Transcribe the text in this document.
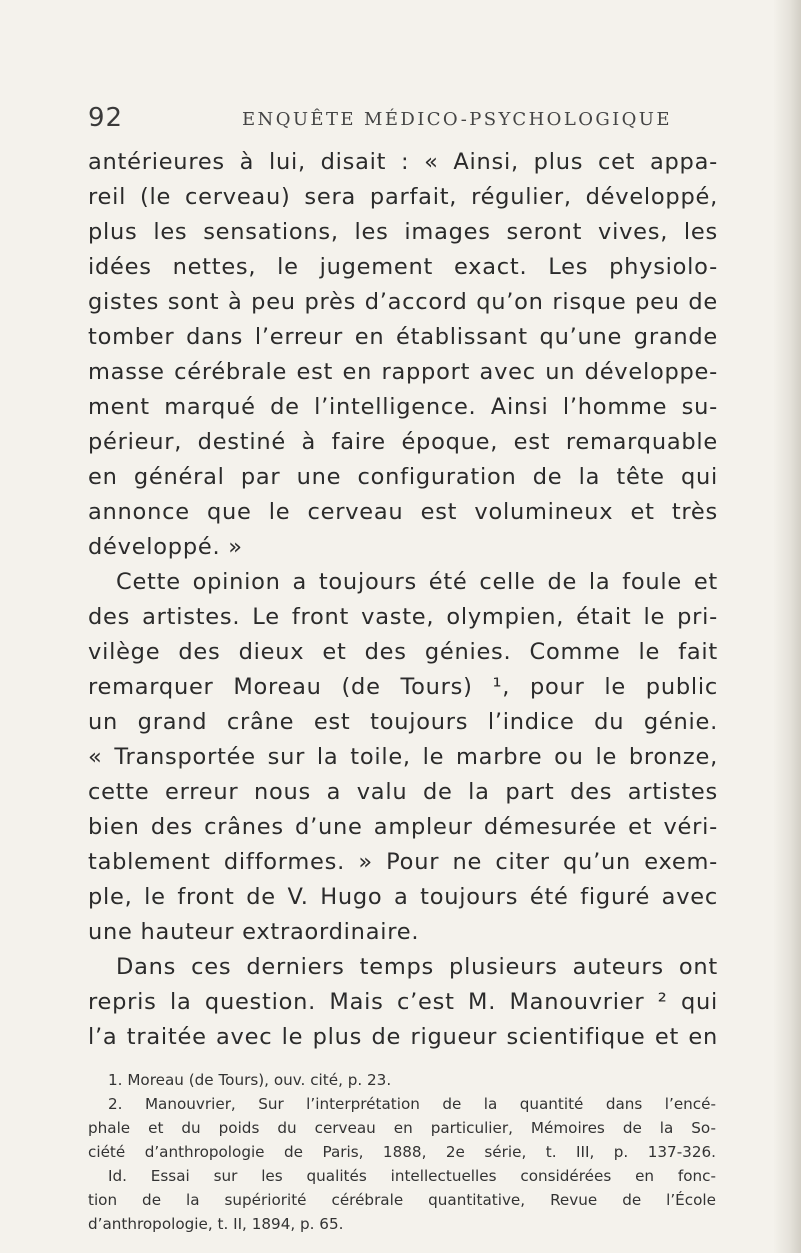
92	ENQUÊTE MÉDICO-PSYCHOLOGIQUE
antérieures à lui, disait : « Ainsi, plus cet appa-
reil (le cerveau) sera parfait, régulier, développé,
plus les sensations, les images seront vives, les
idées nettes, le jugement exact. Les physiolo-
gistes sont à peu près d’accord qu’on risque peu de
tomber dans l’erreur en établissant qu’une grande
masse cérébrale est en rapport avec un développe-
ment marqué de l’intelligence. Ainsi l’homme su-
périeur, destiné à faire époque, est remarquable
en général par une configuration de la tête qui
annonce que le cerveau est volumineux et très
développé. »
Cette opinion a toujours été celle de la foule et
des artistes. Le front vaste, olympien, était le pri-
vilège des dieux et des génies. Comme le fait
remarquer Moreau (de Tours) ¹, pour le public
un grand crâne est toujours l’indice du génie.
« Transportée sur la toile, le marbre ou le bronze,
cette erreur nous a valu de la part des artistes
bien des crânes d’une ampleur démesurée et véri-
tablement difformes. » Pour ne citer qu’un exem-
ple, le front de V. Hugo a toujours été figuré avec
une hauteur extraordinaire.
Dans ces derniers temps plusieurs auteurs ont
repris la question. Mais c’est M. Manouvrier ² qui
l’a traitée avec le plus de rigueur scientifique et en
1. Moreau (de Tours), ouv. cité, p. 23.
2. Manouvrier, Sur l’interprétation de la quantité dans l’encé-
phale et du poids du cerveau en particulier, Mémoires de la So-
ciété d’anthropologie de Paris, 1888, 2e série, t. III, p. 137-326.
Id. Essai sur les qualités intellectuelles considérées en fonc-
tion de la supériorité cérébrale quantitative, Revue de l’École
d’anthropologie, t. II, 1894, p. 65.
